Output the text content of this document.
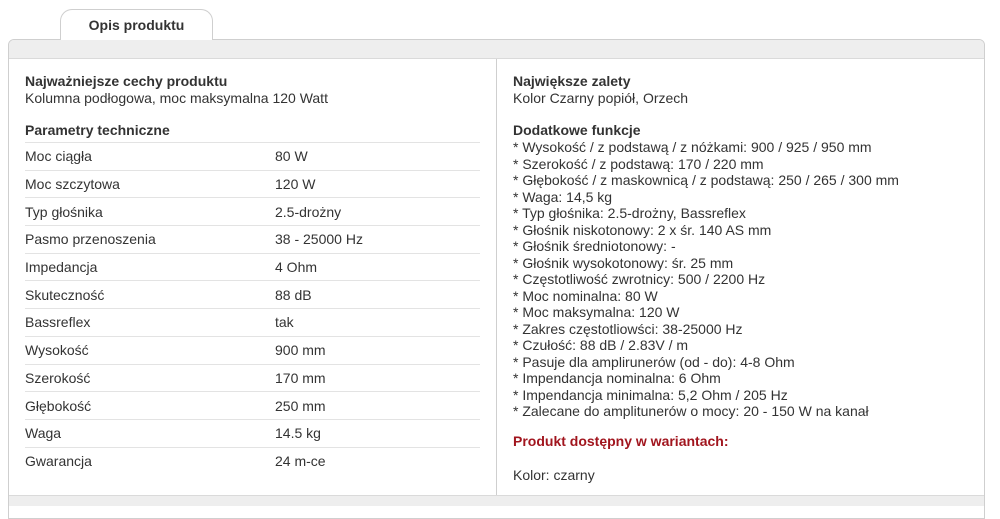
Opis produktu
Najważniejsze cechy produktu
Kolumna podłogowa, moc maksymalna 120 Watt
Parametry techniczne
Moc ciągła	80 W
Moc szczytowa	120 W
Typ głośnika	2.5-drożny
Pasmo przenoszenia	38 - 25000 Hz
Impedancja	4 Ohm
Skuteczność	88 dB
Bassreflex	tak
Wysokość	900 mm
Szerokość	170 mm
Głębokość	250 mm
Waga	14.5 kg
Gwarancja	24 m-ce
Największe zalety
Kolor Czarny popiół, Orzech
Dodatkowe funkcje
* Wysokość / z podstawą / z nóżkami: 900 / 925 / 950 mm
* Szerokość / z podstawą: 170 / 220 mm
* Głębokość / z maskownicą / z podstawą: 250 / 265 / 300 mm
* Waga: 14,5 kg
* Typ głośnika: 2.5-drożny, Bassreflex
* Głośnik niskotonowy: 2 x śr. 140 AS mm
* Głośnik średniotonowy: -
* Głośnik wysokotonowy: śr. 25 mm
* Częstotliwość zwrotnicy: 500 / 2200 Hz
* Moc nominalna: 80 W
* Moc maksymalna: 120 W
* Zakres częstotliowści: 38-25000 Hz
* Czułość: 88 dB / 2.83V / m
* Pasuje dla amplirunerów (od - do): 4-8 Ohm
* Impendancja nominalna: 6 Ohm
* Impendancja minimalna: 5,2 Ohm / 205 Hz
* Zalecane do amplitunerów o mocy: 20 - 150 W na kanał
Produkt dostępny w wariantach:
Kolor: czarny
